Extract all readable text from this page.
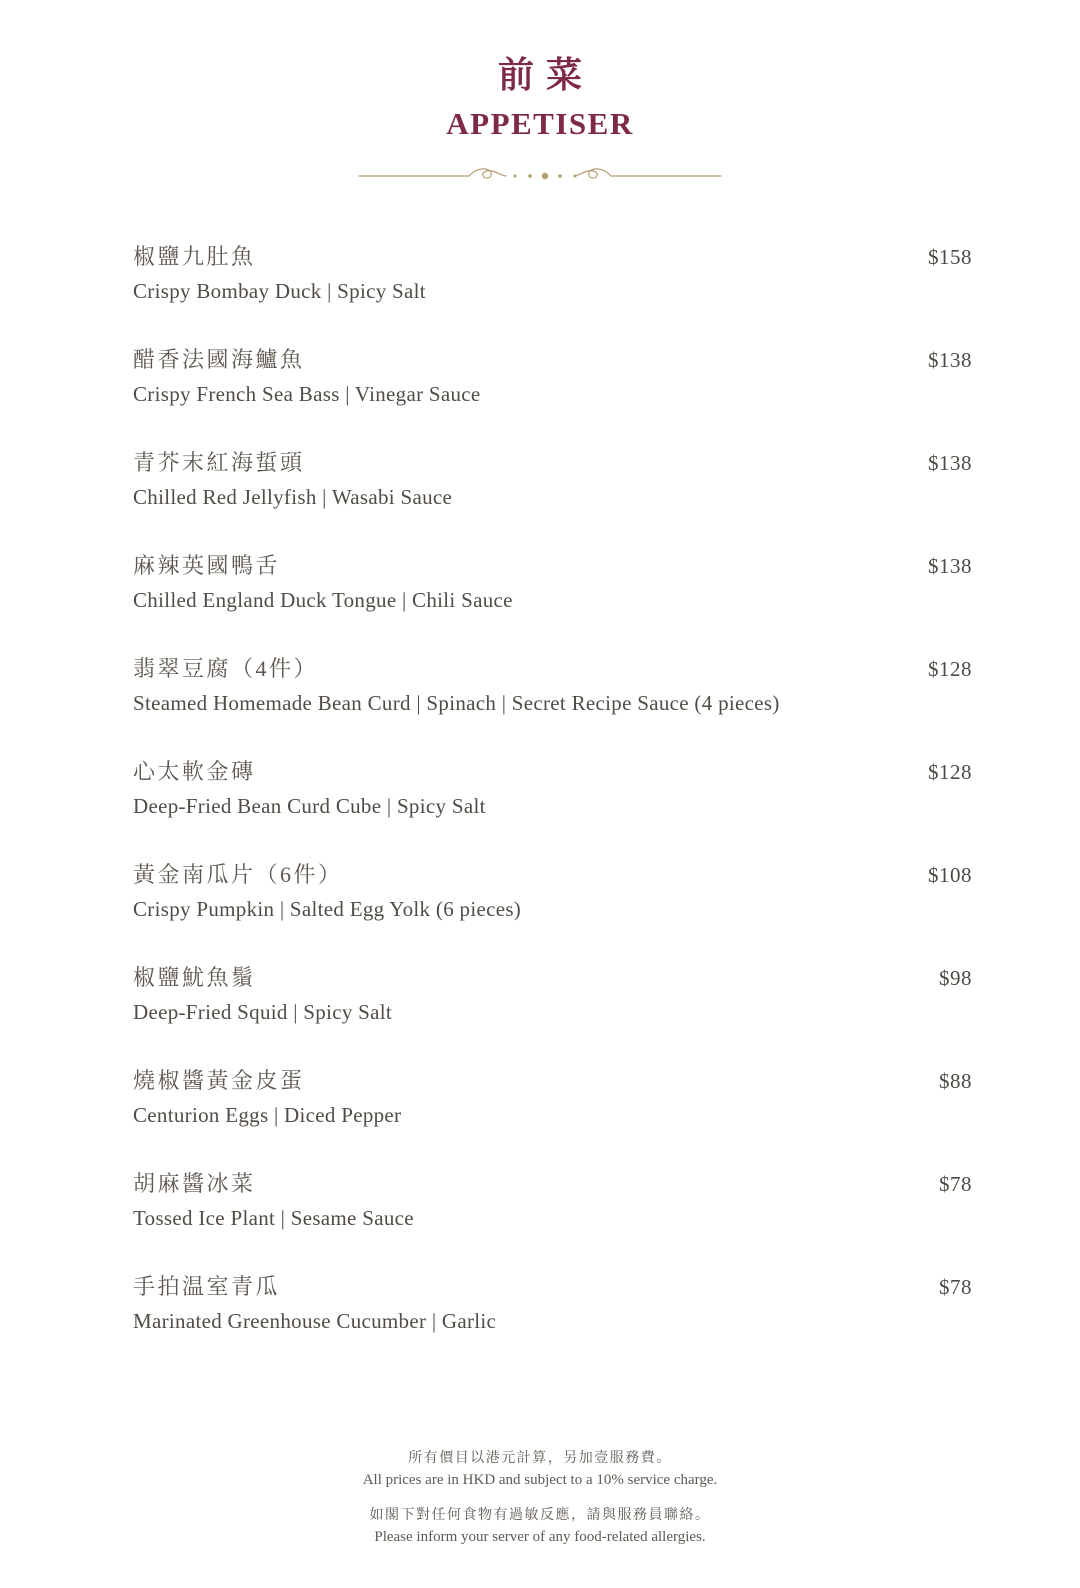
前菜
APPETISER
椒鹽九肚魚
Crispy Bombay Duck | Spicy Salt
$158
醋香法國海鱸魚
Crispy French Sea Bass | Vinegar Sauce
$138
青芥末紅海蜇頭
Chilled Red Jellyfish | Wasabi Sauce
$138
麻辣英國鴨舌
Chilled England Duck Tongue | Chili Sauce
$138
翡翠豆腐（4件）
Steamed Homemade Bean Curd | Spinach | Secret Recipe Sauce (4 pieces)
$128
心太軟金磚
Deep-Fried Bean Curd Cube | Spicy Salt
$128
黃金南瓜片（6件）
Crispy Pumpkin | Salted Egg Yolk (6 pieces)
$108
椒鹽魷魚鬚
Deep-Fried Squid | Spicy Salt
$98
燒椒醬黃金皮蛋
Centurion Eggs | Diced Pepper
$88
胡麻醬冰菜
Tossed Ice Plant | Sesame Sauce
$78
手拍温室青瓜
Marinated Greenhouse Cucumber | Garlic
$78
所有價目以港元計算，另加壹服務費。
All prices are in HKD and subject to a 10% service charge.
如閣下對任何食物有過敏反應，請與服務員聯絡。
Please inform your server of any food-related allergies.
